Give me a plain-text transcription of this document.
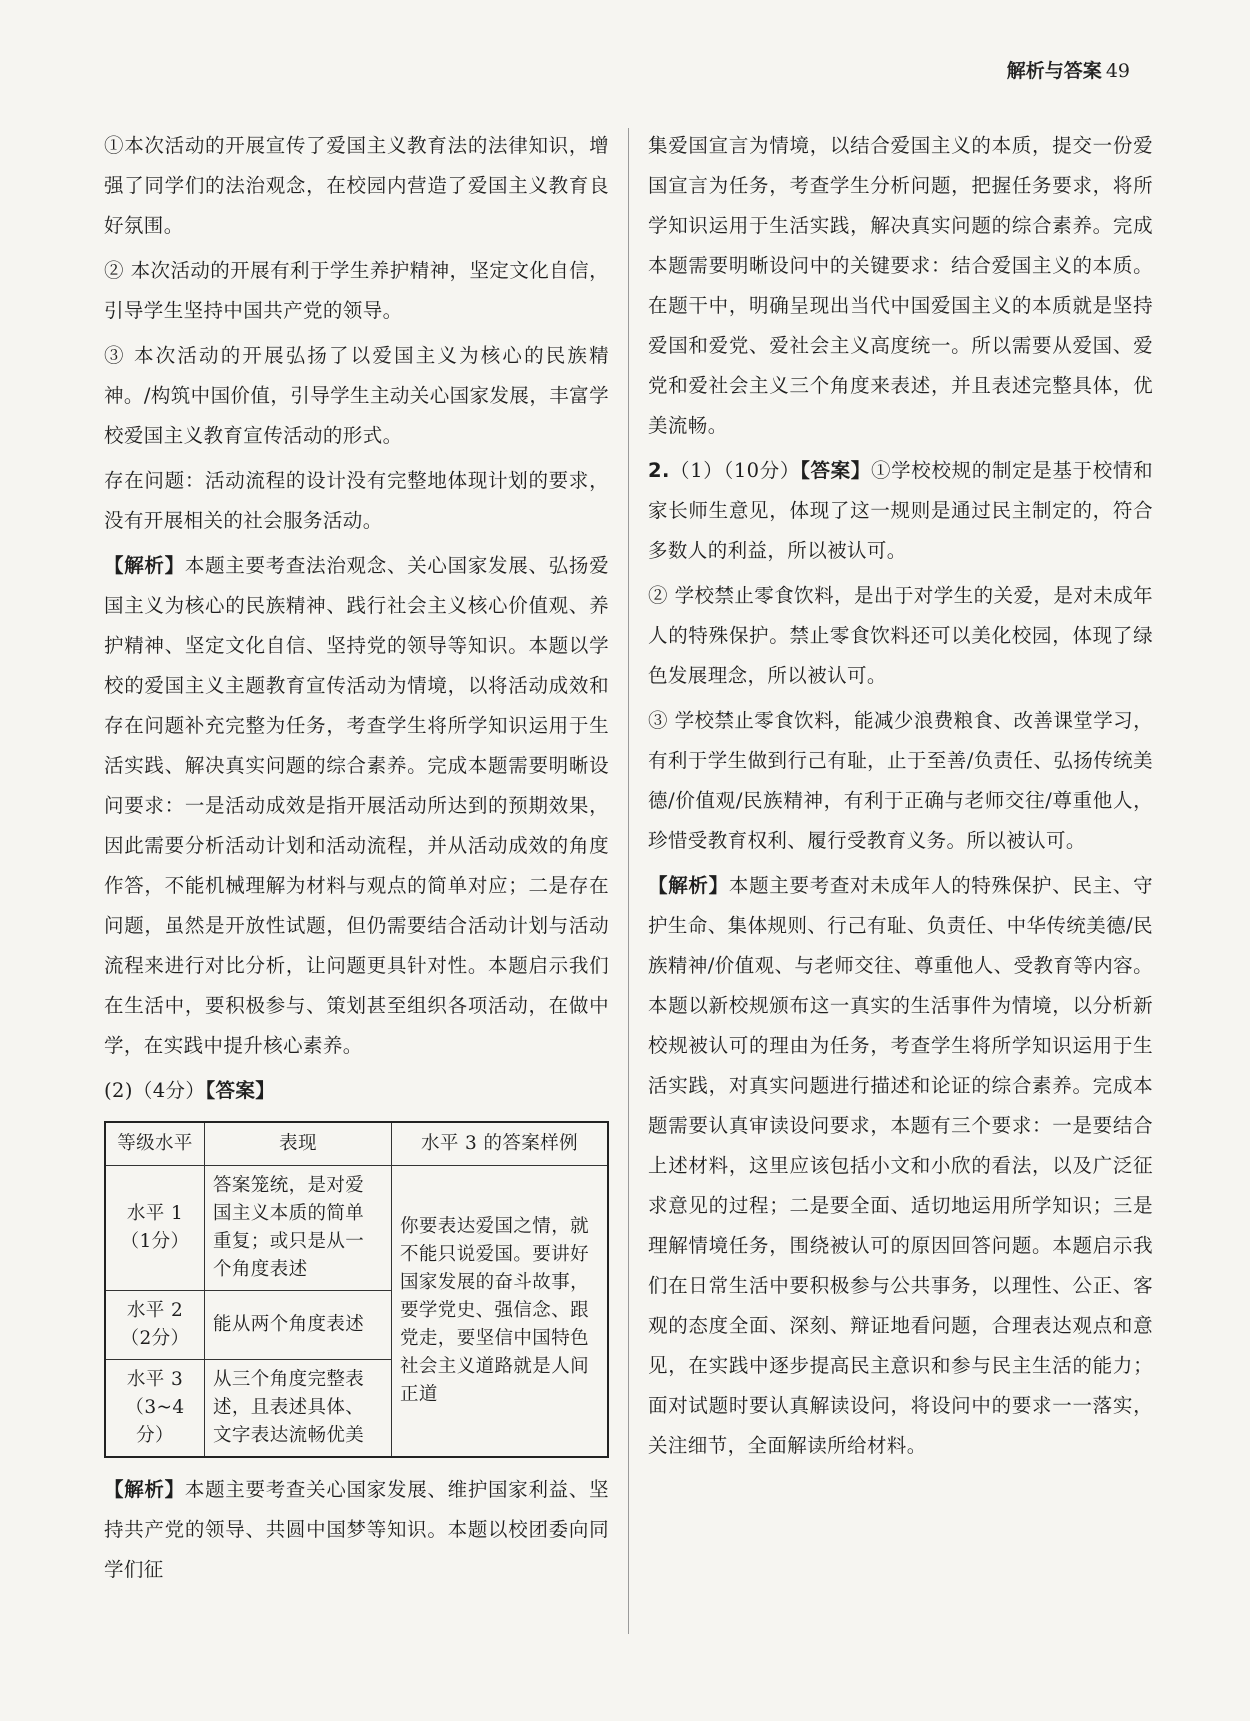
解析与答案 49

①本次活动的开展宣传了爱国主义教育法的法律知识，增强了同学们的法治观念，在校园内营造了爱国主义教育良好氛围。

② 本次活动的开展有利于学生养护精神，坚定文化自信，引导学生坚持中国共产党的领导。

③ 本次活动的开展弘扬了以爱国主义为核心的民族精神。/构筑中国价值，引导学生主动关心国家发展，丰富学校爱国主义教育宣传活动的形式。

存在问题：活动流程的设计没有完整地体现计划的要求，没有开展相关的社会服务活动。

【解析】本题主要考查法治观念、关心国家发展、弘扬爱国主义为核心的民族精神、践行社会主义核心价值观、养护精神、坚定文化自信、坚持党的领导等知识。本题以学校的爱国主义主题教育宣传活动为情境，以将活动成效和存在问题补充完整为任务，考查学生将所学知识运用于生活实践、解决真实问题的综合素养。完成本题需要明晰设问要求：一是活动成效是指开展活动所达到的预期效果，因此需要分析活动计划和活动流程，并从活动成效的角度作答，不能机械理解为材料与观点的简单对应；二是存在问题，虽然是开放性试题，但仍需要结合活动计划与活动流程来进行对比分析，让问题更具针对性。本题启示我们在生活中，要积极参与、策划甚至组织各项活动，在做中学，在实践中提升核心素养。

(2)（4分）【答案】

等级水平	表现	水平 3 的答案样例
水平 1（1分）	答案笼统，是对爱国主义本质的简单重复；或只是从一个角度表述	你要表达爱国之情，就不能只说爱国。要讲好国家发展的奋斗故事，要学党史、强信念、跟党走，要坚信中国特色社会主义道路就是人间正道
水平 2（2分）	能从两个角度表述	
水平 3（3~4分）	从三个角度完整表述，且表述具体、文字表达流畅优美	

【解析】本题主要考查关心国家发展、维护国家利益、坚持共产党的领导、共圆中国梦等知识。本题以校团委向同学们征

集爱国宣言为情境，以结合爱国主义的本质，提交一份爱国宣言为任务，考查学生分析问题，把握任务要求，将所学知识运用于生活实践，解决真实问题的综合素养。完成本题需要明晰设问中的关键要求：结合爱国主义的本质。在题干中，明确呈现出当代中国爱国主义的本质就是坚持爱国和爱党、爱社会主义高度统一。所以需要从爱国、爱党和爱社会主义三个角度来表述，并且表述完整具体，优美流畅。

2.（1）（10分）【答案】①学校校规的制定是基于校情和家长师生意见，体现了这一规则是通过民主制定的，符合多数人的利益，所以被认可。

② 学校禁止零食饮料，是出于对学生的关爱，是对未成年人的特殊保护。禁止零食饮料还可以美化校园，体现了绿色发展理念，所以被认可。

③ 学校禁止零食饮料，能减少浪费粮食、改善课堂学习，有利于学生做到行己有耻，止于至善/负责任、弘扬传统美德/价值观/民族精神，有利于正确与老师交往/尊重他人，珍惜受教育权利、履行受教育义务。所以被认可。

【解析】本题主要考查对未成年人的特殊保护、民主、守护生命、集体规则、行己有耻、负责任、中华传统美德/民族精神/价值观、与老师交往、尊重他人、受教育等内容。本题以新校规颁布这一真实的生活事件为情境，以分析新校规被认可的理由为任务，考查学生将所学知识运用于生活实践，对真实问题进行描述和论证的综合素养。完成本题需要认真审读设问要求，本题有三个要求：一是要结合上述材料，这里应该包括小文和小欣的看法，以及广泛征求意见的过程；二是要全面、适切地运用所学知识；三是理解情境任务，围绕被认可的原因回答问题。本题启示我们在日常生活中要积极参与公共事务，以理性、公正、客观的态度全面、深刻、辩证地看问题，合理表达观点和意见，在实践中逐步提高民主意识和参与民主生活的能力；面对试题时要认真解读设问，将设问中的要求一一落实，关注细节，全面解读所给材料。
